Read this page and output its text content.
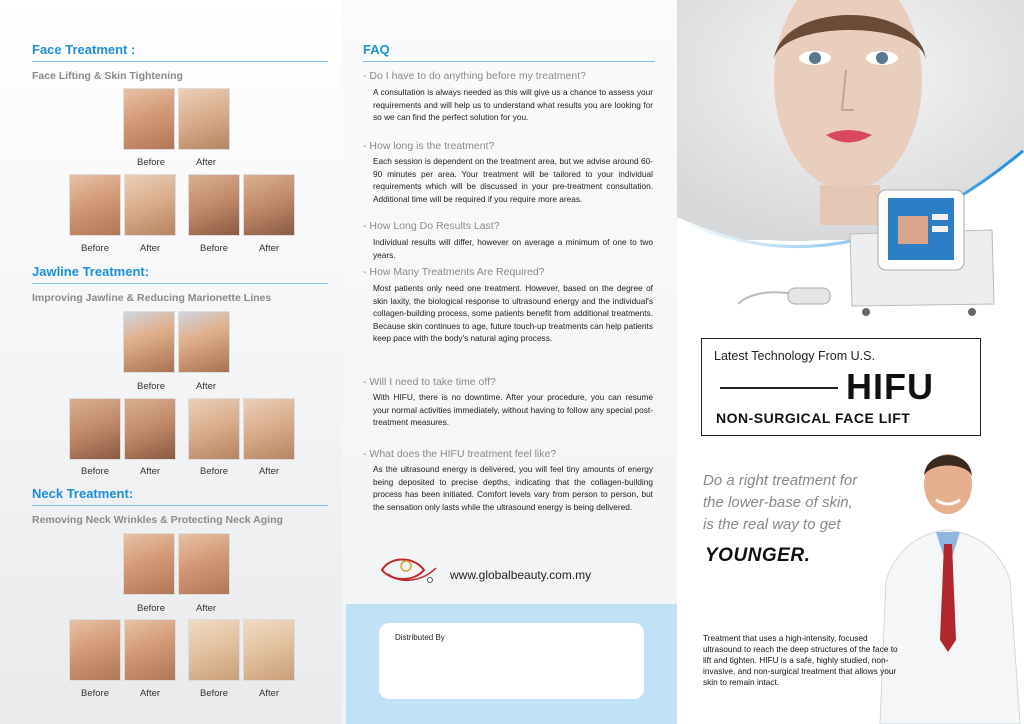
Face Treatment :
Face Lifting & Skin Tightening
Before	After
Before	After	Before	After
Jawline Treatment:
Improving Jawline & Reducing Marionette Lines
Before	After
Before	After	Before	After
Neck Treatment:
Removing Neck Wrinkles & Protecting Neck Aging
Before	After
Before	After	Before	After
FAQ
- Do I have to do anything before my treatment?
A consultation is always needed as this will give us a chance to assess your requirements and will help us to understand what results you are looking for so we can find the perfect solution for you.
- How long is the treatment?
Each session is dependent on the treatment area, but we advise around 60-90 minutes per area. Your treatment will be tailored to your individual requirements which will be discussed in your pre-treatment consultation. Additional time will be required if you require more areas.
- How Long Do Results Last?
Individual results will differ, however on average a minimum of one to two years.
- How Many Treatments Are Required?
Most patients only need one treatment. However, based on the degree of skin laxity, the biological response to ultrasound energy and the individual's collagen-building process, some patients benefit from additional treatments. Because skin continues to age, future touch-up treatments can help patients keep pace with the body's natural aging process.
- Will I need to take time off?
With HIFU, there is no downtime. After your procedure, you can resume your normal activities immediately, without having to follow any special post-treatment measures.
- What does the HIFU treatment feel like?
As the ultrasound energy is delivered, you will feel tiny amounts of energy being deposited to precise depths, indicating that the collagen-building process has been initiated. Comfort levels vary from person to person, but the sensation only lasts while the ultrasound energy is being delivered.
www.globalbeauty.com.my
Distributed By
Latest Technology From U.S.
HIFU
NON-SURGICAL FACE LIFT
Do a right treatment for
the lower-base of skin,
is the real way to get
YOUNGER.
Treatment that uses a high-intensity, focused ultrasound to reach the deep structures of the face to lift and tighten. HIFU is a safe, highly studied, non-invasive, and non-surgical treatment that allows your skin to remain intact.
